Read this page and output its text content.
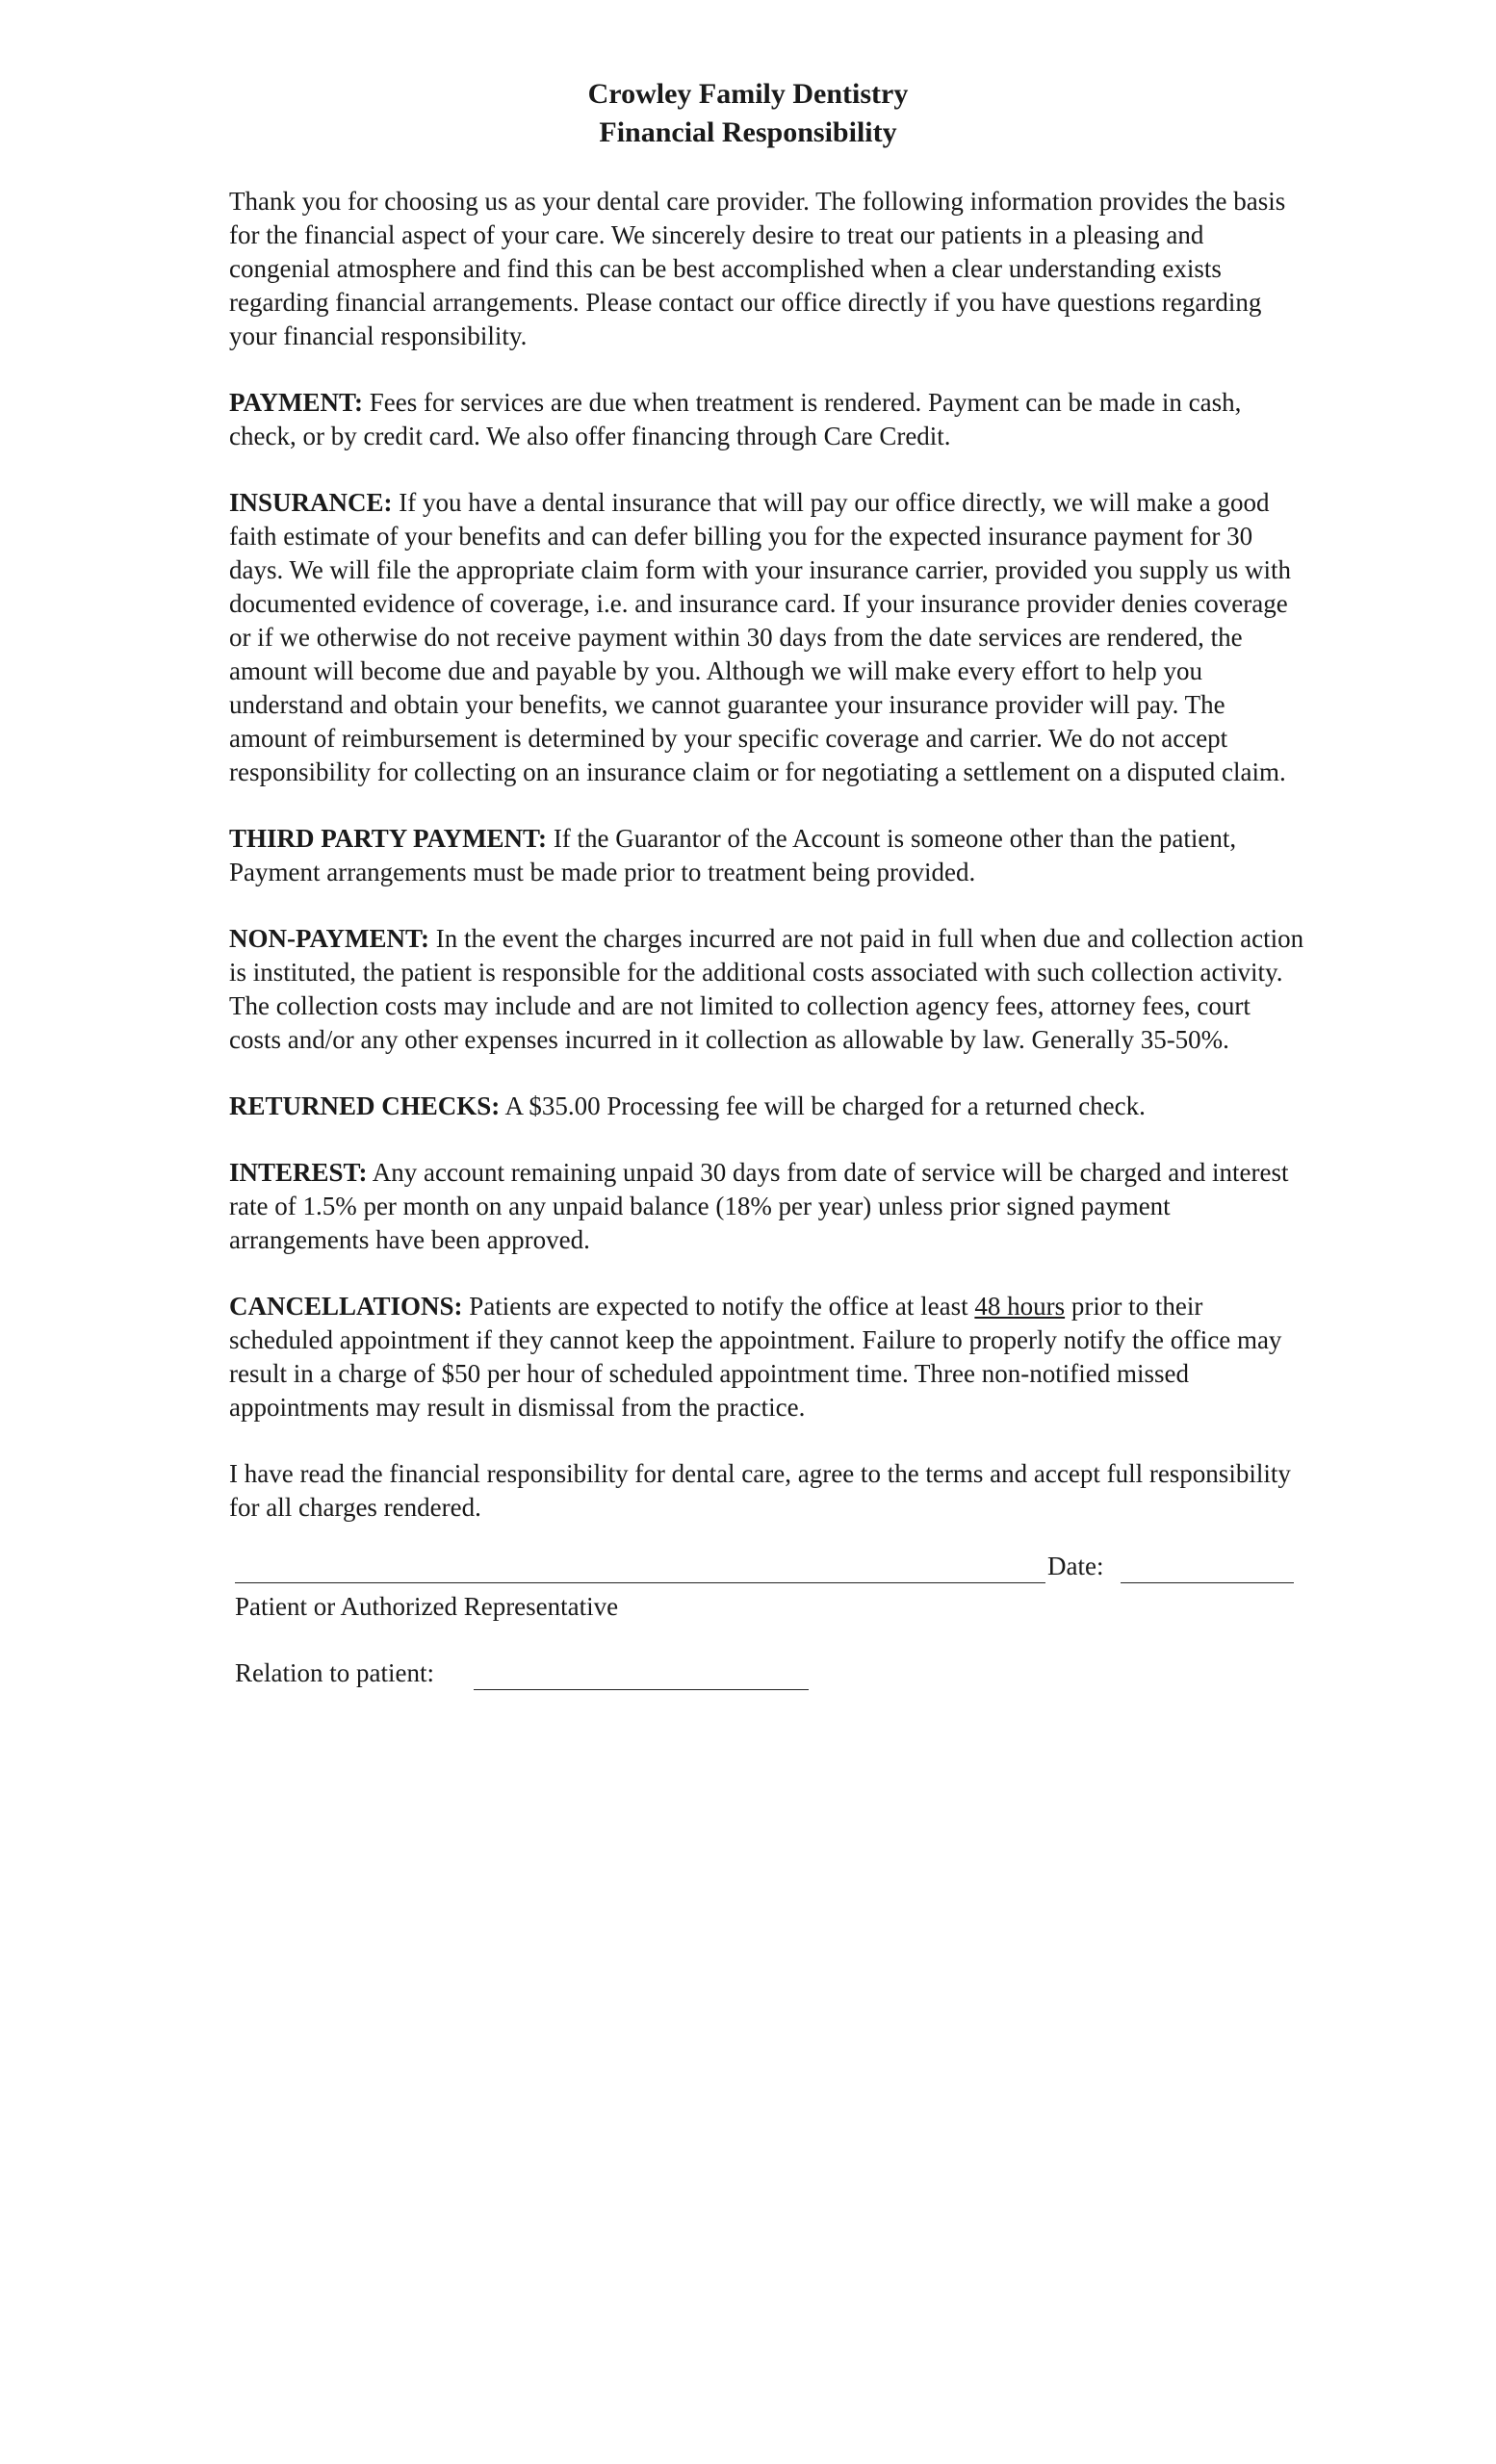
Crowley Family Dentistry

Financial Responsibility

Thank you for choosing us as your dental care provider. The following information provides the basis for the financial aspect of your care. We sincerely desire to treat our patients in a pleasing and congenial atmosphere and find this can be best accomplished when a clear understanding exists regarding financial arrangements. Please contact our office directly if you have questions regarding your financial responsibility.

PAYMENT: Fees for services are due when treatment is rendered. Payment can be made in cash, check, or by credit card. We also offer financing through Care Credit.

INSURANCE: If you have a dental insurance that will pay our office directly, we will make a good faith estimate of your benefits and can defer billing you for the expected insurance payment for 30 days. We will file the appropriate claim form with your insurance carrier, provided you supply us with documented evidence of coverage, i.e. and insurance card. If your insurance provider denies coverage or if we otherwise do not receive payment within 30 days from the date services are rendered, the amount will become due and payable by you. Although we will make every effort to help you understand and obtain your benefits, we cannot guarantee your insurance provider will pay. The amount of reimbursement is determined by your specific coverage and carrier. We do not accept responsibility for collecting on an insurance claim or for negotiating a settlement on a disputed claim.

THIRD PARTY PAYMENT: If the Guarantor of the Account is someone other than the patient, Payment arrangements must be made prior to treatment being provided.

NON-PAYMENT: In the event the charges incurred are not paid in full when due and collection action is instituted, the patient is responsible for the additional costs associated with such collection activity. The collection costs may include and are not limited to collection agency fees, attorney fees, court costs and/or any other expenses incurred in it collection as allowable by law. Generally 35-50%.

RETURNED CHECKS: A $35.00 Processing fee will be charged for a returned check.

INTEREST: Any account remaining unpaid 30 days from date of service will be charged and interest rate of 1.5% per month on any unpaid balance (18% per year) unless prior signed payment arrangements have been approved.

CANCELLATIONS: Patients are expected to notify the office at least 48 hours prior to their scheduled appointment if they cannot keep the appointment. Failure to properly notify the office may result in a charge of $50 per hour of scheduled appointment time. Three non-notified missed appointments may result in dismissal from the practice.

I have read the financial responsibility for dental care, agree to the terms and accept full responsibility for all charges rendered.

Date:
Patient or Authorized Representative
Relation to patient:
